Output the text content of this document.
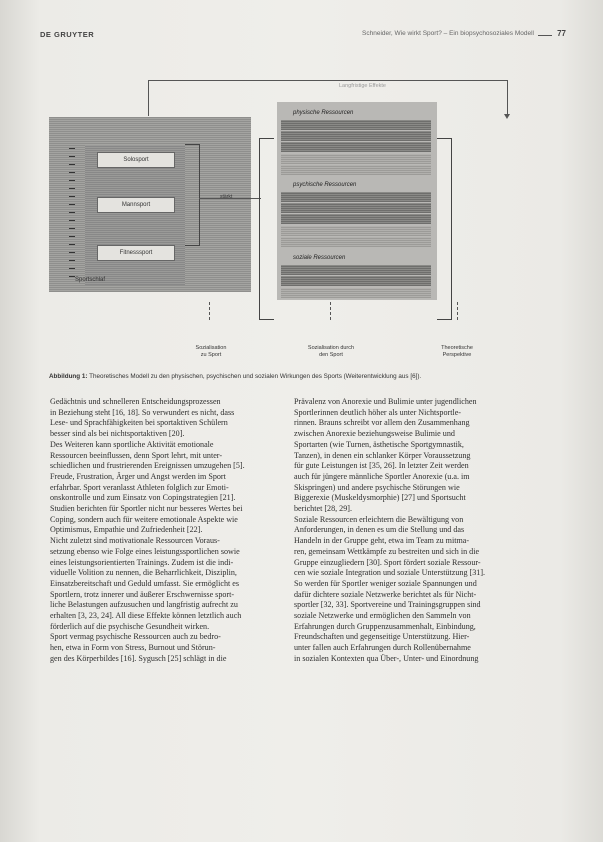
DE GRUYTER	Schneider, Wie wirkt Sport? – Ein biopsychosoziales Modell	77
Langfristige Effekte
Solosport
Mannsport
Fitnesssport
Sportschlaf
stärkt
physische Ressourcen
psychische Ressourcen
soziale Ressourcen
Sozialisation
zu Sport
Sozialisation durch
den Sport
Theoretische
Perspektive
Abbildung 1: Theoretisches Modell zu den physischen, psychischen und sozialen Wirkungen des Sports (Weiterentwicklung aus [6]).
Gedächtnis und schnelleren Entscheidungsprozessen
in Beziehung steht [16, 18]. So verwundert es nicht, dass
Lese- und Sprachfähigkeiten bei sportaktiven Schülern
besser sind als bei nichtsportaktiven [20].
Des Weiteren kann sportliche Aktivität emotionale
Ressourcen beeinflussen, denn Sport lehrt, mit unter-
schiedlichen und frustrierenden Ereignissen umzugehen [5].
Freude, Frustration, Ärger und Angst werden im Sport
erfahrbar. Sport veranlasst Athleten folglich zur Emoti-
onskontrolle und zum Einsatz von Copingstrategien [21].
Studien berichten für Sportler nicht nur besseres Wertes bei
Coping, sondern auch für weitere emotionale Aspekte wie
Optimismus, Empathie und Zufriedenheit [22].
Nicht zuletzt sind motivationale Ressourcen Voraus-
setzung ebenso wie Folge eines leistungssportlichen sowie
eines leistungsorientierten Trainings. Zudem ist die indi-
viduelle Volition zu nennen, die Beharrlichkeit, Disziplin,
Einsatzbereitschaft und Geduld umfasst. Sie ermöglicht es
Sportlern, trotz innerer und äußerer Erschwernisse sport-
liche Belastungen aufzusuchen und langfristig aufrecht zu
erhalten [3, 23, 24]. All diese Effekte können letztlich auch
förderlich auf die psychische Gesundheit wirken.
Sport vermag psychische Ressourcen auch zu bedro-
hen, etwa in Form von Stress, Burnout und Störun-
gen des Körperbildes [16]. Sygusch [25] schlägt in die
Prävalenz von Anorexie und Bulimie unter jugendlichen
Sportlerinnen deutlich höher als unter Nichtsportle-
rinnen. Brauns schreibt vor allem den Zusammenhang
zwischen Anorexie beziehungsweise Bulimie und
Sportarten (wie Turnen, ästhetische Sportgymnastik,
Tanzen), in denen ein schlanker Körper Voraussetzung
für gute Leistungen ist [35, 26]. In letzter Zeit werden
auch für jüngere männliche Sportler Anorexie (u.a. im
Skispringen) und andere psychische Störungen wie
Biggerexie (Muskeldysmorphie) [27] und Sportsucht
berichtet [28, 29].
Soziale Ressourcen erleichtern die Bewältigung von
Anforderungen, in denen es um die Stellung und das
Handeln in der Gruppe geht, etwa im Team zu mitma-
ren, gemeinsam Wettkämpfe zu bestreiten und sich in die
Gruppe einzugliedern [30]. Sport fördert soziale Ressour-
cen wie soziale Integration und soziale Unterstützung [31].
So werden für Sportler weniger soziale Spannungen und
dafür dichtere soziale Netzwerke berichtet als für Nicht-
sportler [32, 33]. Sportvereine und Trainingsgruppen sind
soziale Netzwerke und ermöglichen den Sammeln von
Erfahrungen durch Gruppenzusammenhalt, Einbindung,
Freundschaften und gegenseitige Unterstützung. Hier-
unter fallen auch Erfahrungen durch Rollenübernahme
in sozialen Kontexten qua Über-, Unter- und Einordnung
